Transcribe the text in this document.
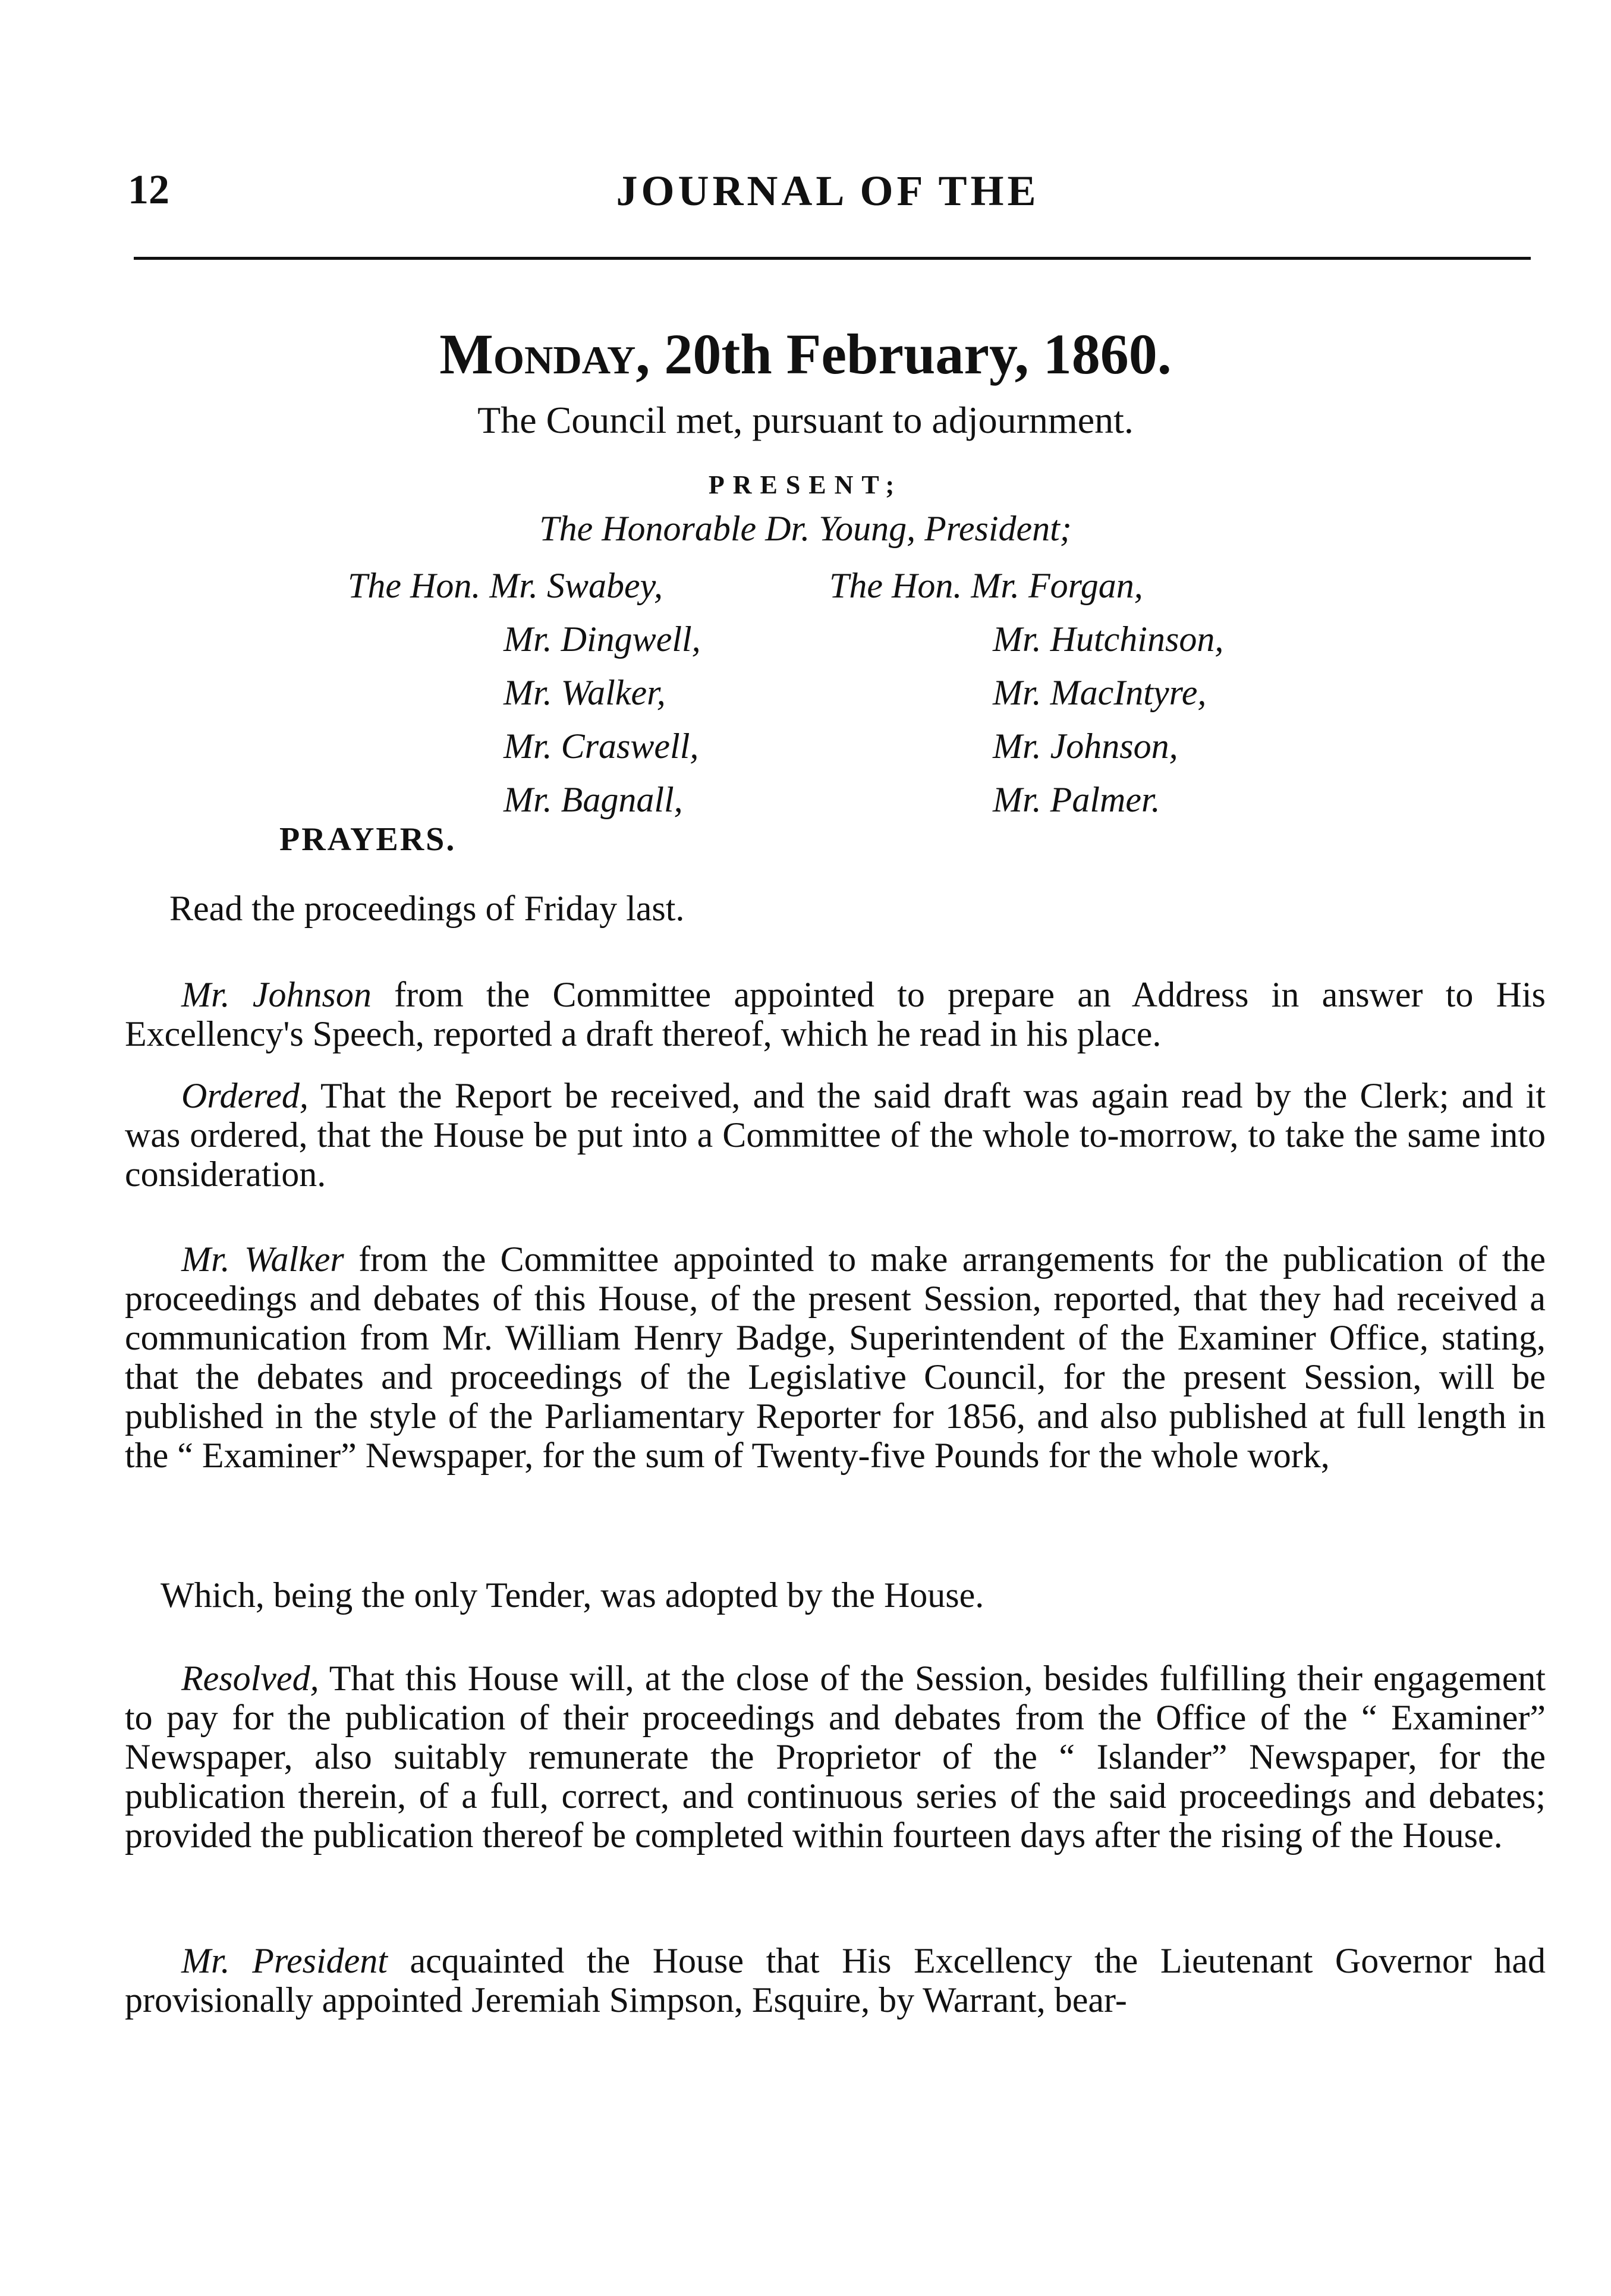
12	JOURNAL OF THE
Monday, 20th February, 1860.
The Council met, pursuant to adjournment.
PRESENT;
The Honorable Dr. Young, President;
The Hon. Mr. Swabey,
Mr. Dingwell,
Mr. Walker,
Mr. Craswell,
Mr. Bagnall,
The Hon. Mr. Forgan,
Mr. Hutchinson,
Mr. MacIntyre,
Mr. Johnson,
Mr. Palmer.
PRAYERS.
Read the proceedings of Friday last.
Mr. Johnson from the Committee appointed to prepare an Address in answer to His Excellency's Speech, reported a draft thereof, which he read in his place.
Ordered, That the Report be received, and the said draft was again read by the Clerk; and it was ordered, that the House be put into a Committee of the whole to-morrow, to take the same into consideration.
Mr. Walker from the Committee appointed to make arrangements for the publication of the proceedings and debates of this House, of the present Session, reported, that they had received a communication from Mr. William Henry Badge, Superintendent of the Examiner Office, stating, that the debates and proceedings of the Legislative Council, for the present Session, will be published in the style of the Parliamentary Reporter for 1856, and also published at full length in the “ Examiner” Newspaper, for the sum of Twenty-five Pounds for the whole work,
Which, being the only Tender, was adopted by the House.
Resolved, That this House will, at the close of the Session, besides fulfilling their engagement to pay for the publication of their proceedings and debates from the Office of the “ Examiner” Newspaper, also suitably remunerate the Proprietor of the “ Islander” Newspaper, for the publication therein, of a full, correct, and continuous series of the said proceedings and debates; provided the publication thereof be completed within fourteen days after the rising of the House.
Mr. President acquainted the House that His Excellency the Lieutenant Governor had provisionally appointed Jeremiah Simpson, Esquire, by Warrant, bear-
